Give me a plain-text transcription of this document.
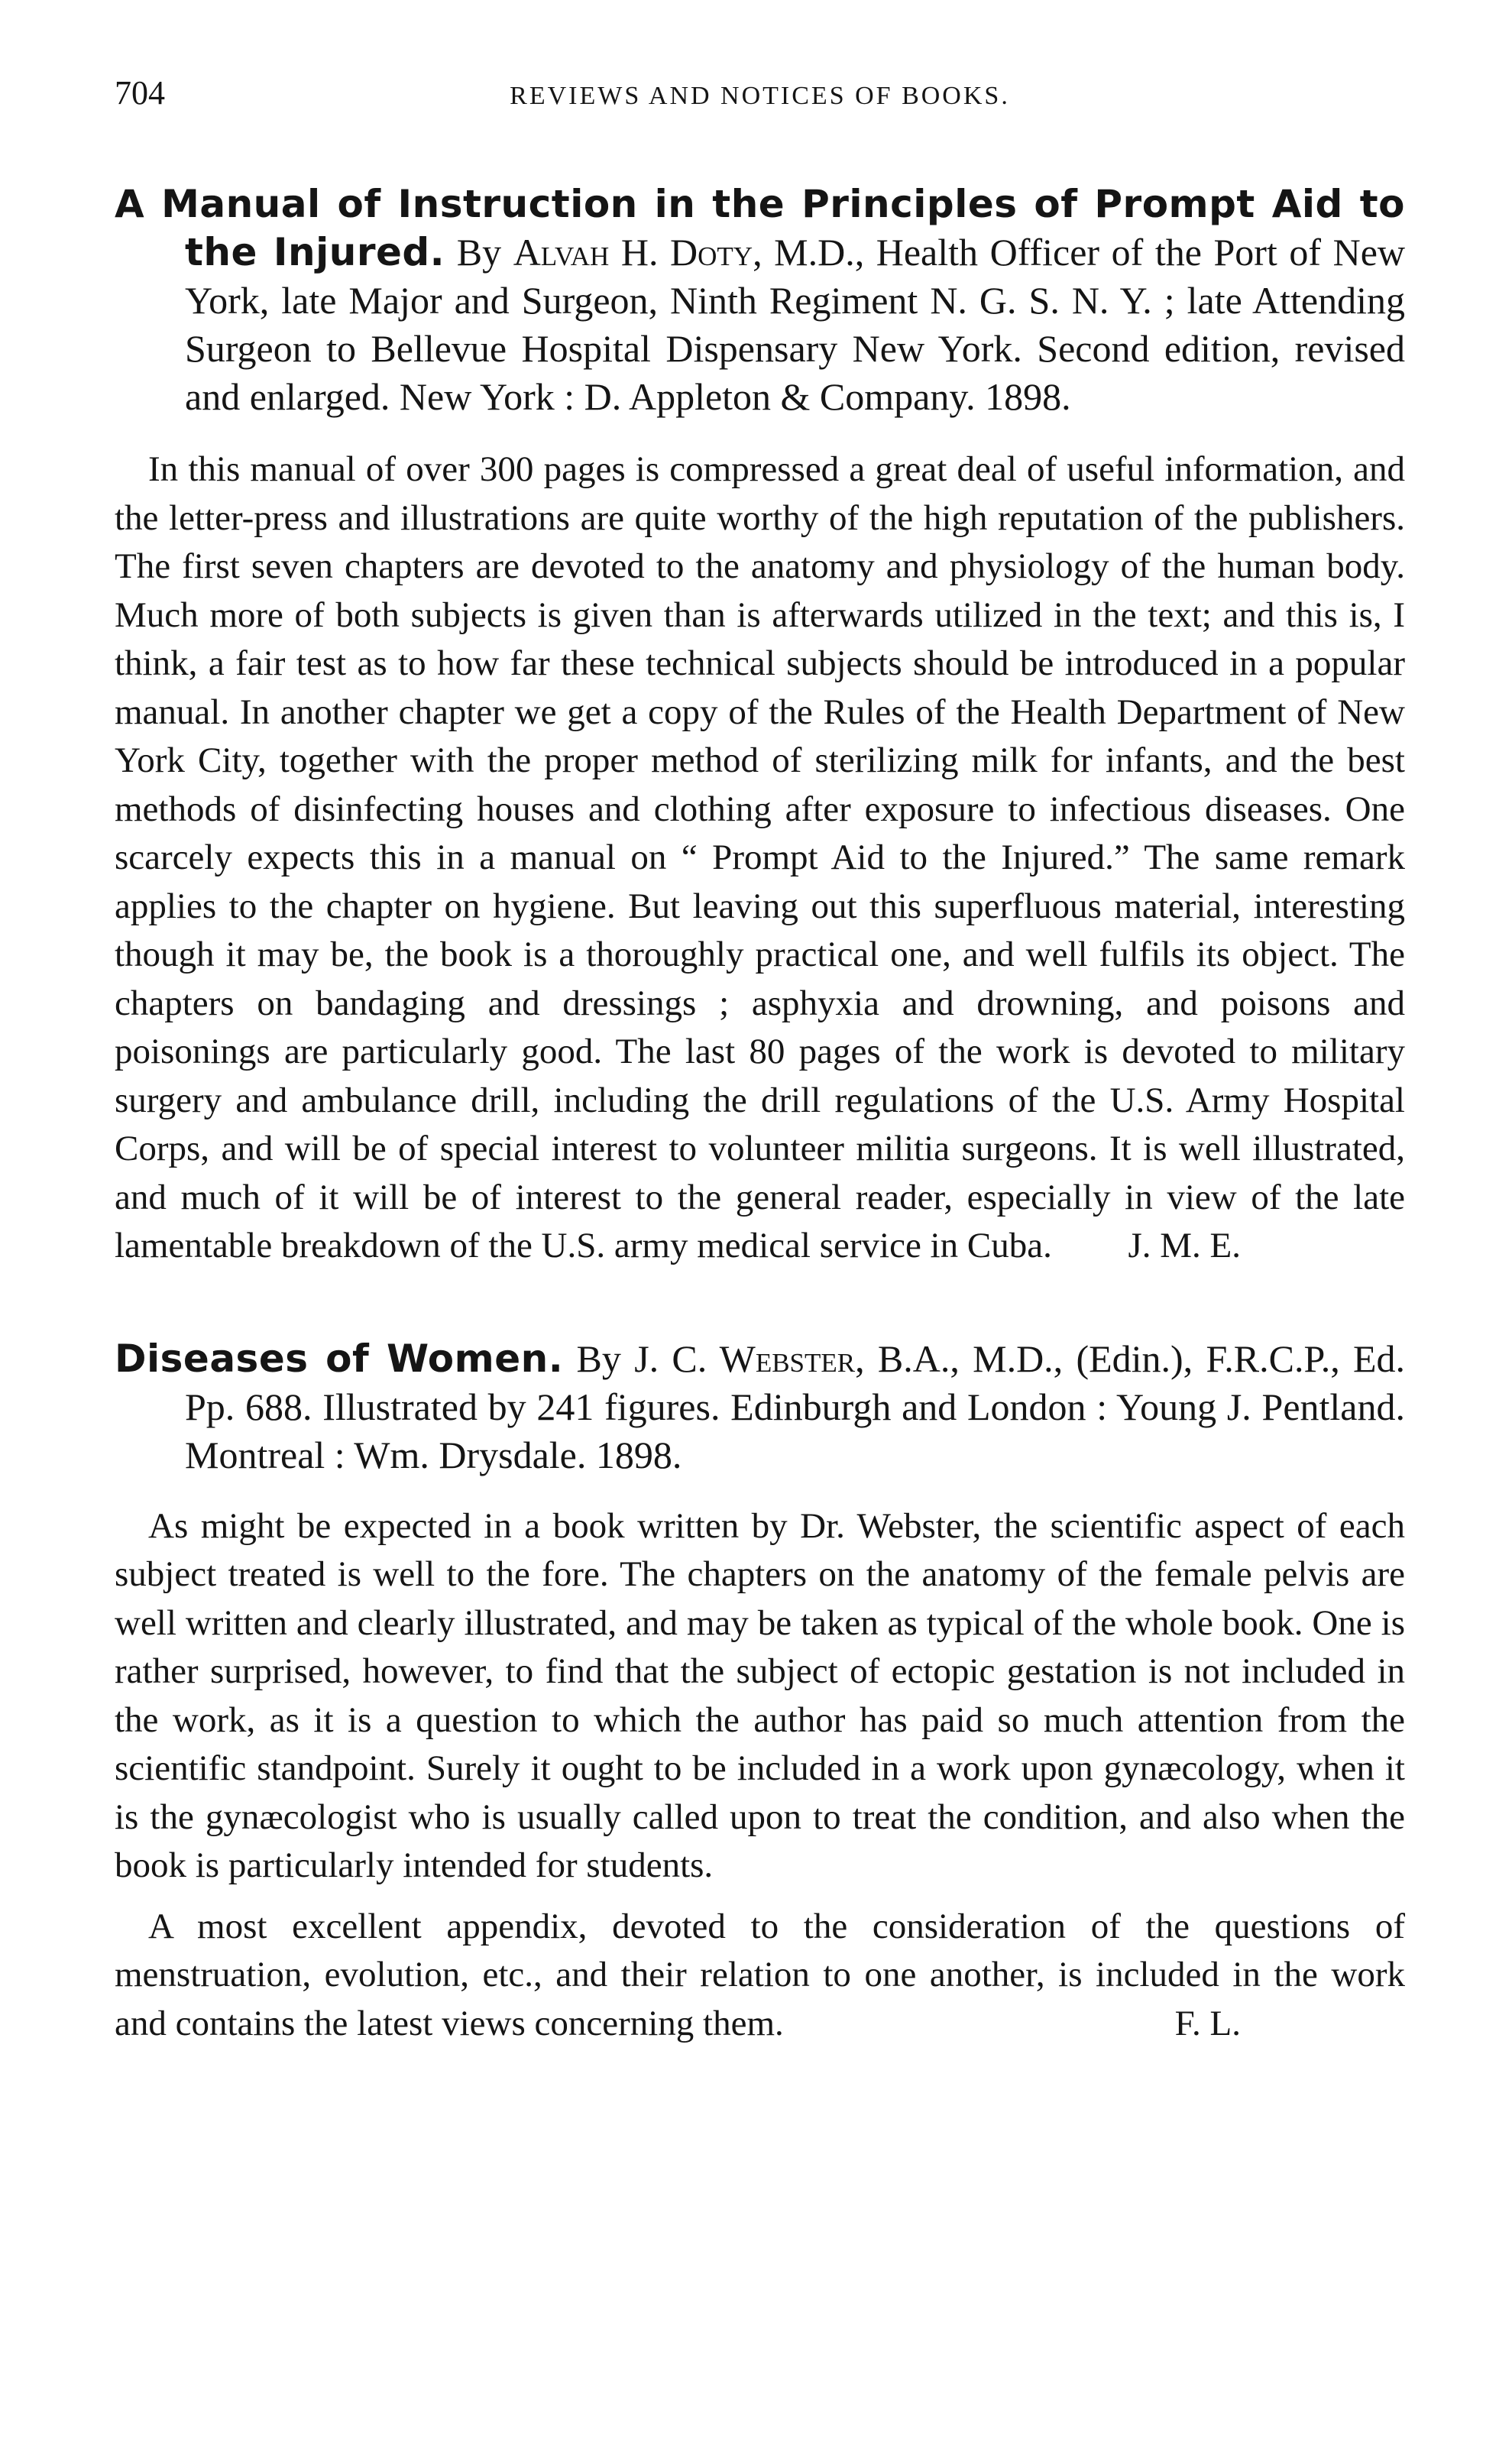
704	REVIEWS AND NOTICES OF BOOKS.

A Manual of Instruction in the Principles of Prompt Aid to the Injured. By Alvah H. Doty, M.D., Health Officer of the Port of New York, late Major and Surgeon, Ninth Regiment N. G. S. N. Y. ; late Attending Surgeon to Bellevue Hospital Dispensary New York. Second edition, revised and enlarged. New York : D. Appleton & Company. 1898.

In this manual of over 300 pages is compressed a great deal of useful information, and the letter-press and illustrations are quite worthy of the high reputation of the publishers. The first seven chapters are devoted to the anatomy and physiology of the human body. Much more of both subjects is given than is afterwards utilized in the text; and this is, I think, a fair test as to how far these technical subjects should be introduced in a popular manual. In another chapter we get a copy of the Rules of the Health Department of New York City, together with the proper method of sterilizing milk for infants, and the best methods of disinfecting houses and clothing after exposure to infectious diseases. One scarcely expects this in a manual on “ Prompt Aid to the Injured.” The same remark applies to the chapter on hygiene. But leaving out this superfluous material, interesting though it may be, the book is a thoroughly practical one, and well fulfils its object. The chapters on bandaging and dressings ; asphyxia and drowning, and poisons and poisonings are particularly good. The last 80 pages of the work is devoted to military surgery and ambulance drill, including the drill regulations of the U.S. Army Hospital Corps, and will be of special interest to volunteer militia surgeons. It is well illustrated, and much of it will be of interest to the general reader, especially in view of the late lamentable breakdown of the U.S. army medical service in Cuba.	J. M. E.

Diseases of Women. By J. C. Webster, B.A., M.D., (Edin.), F.R.C.P., Ed. Pp. 688. Illustrated by 241 figures. Edinburgh and London : Young J. Pentland. Montreal : Wm. Drysdale. 1898.

As might be expected in a book written by Dr. Webster, the scientific aspect of each subject treated is well to the fore. The chapters on the anatomy of the female pelvis are well written and clearly illustrated, and may be taken as typical of the whole book. One is rather surprised, however, to find that the subject of ectopic gestation is not included in the work, as it is a question to which the author has paid so much attention from the scientific standpoint. Surely it ought to be included in a work upon gynæcology, when it is the gynæcologist who is usually called upon to treat the condition, and also when the book is particularly intended for students.

A most excellent appendix, devoted to the consideration of the questions of menstruation, evolution, etc., and their relation to one another, is included in the work and contains the latest views concerning them.	F. L.
